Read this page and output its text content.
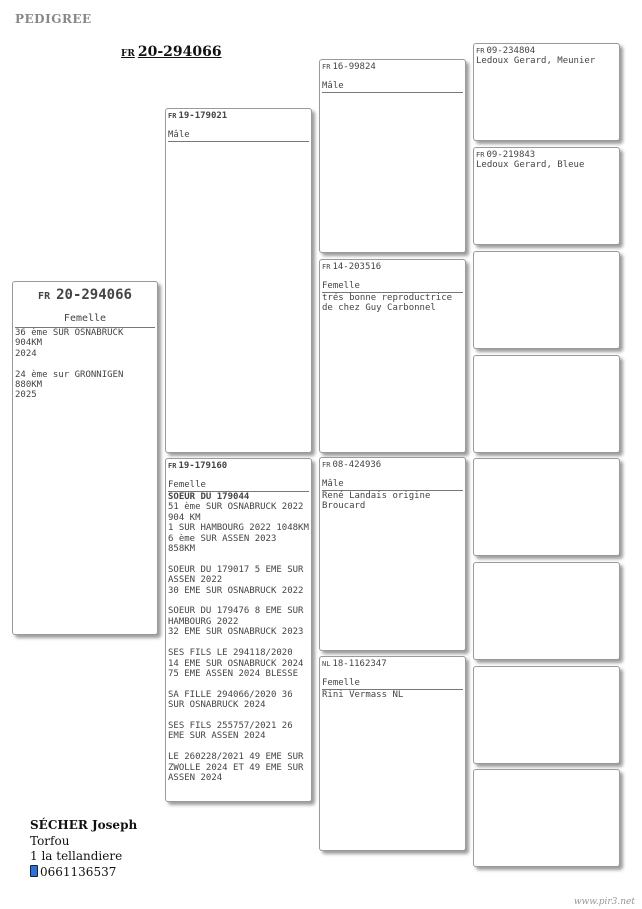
PEDIGREE
FR 20-294066
FR 20-294066
Femelle
36 ème SUR OSNABRUCK 904KM
2024

24 ème sur GRONNIGEN 880KM
2025
FR 19-179021
Mâle
FR 19-179160
Femelle
SOEUR DU 179044
51 ème SUR OSNABRUCK 2022
904 KM
1 SUR HAMBOURG 2022 1048KM
6 ème SUR ASSEN 2023
858KM

SOEUR DU 179017 5 EME SUR
ASSEN 2022
30 EME SUR OSNABRUCK 2022

SOEUR DU 179476 8 EME SUR
HAMBOURG 2022
32 EME SUR OSNABRUCK 2023

SES FILS LE 294118/2020
14 EME SUR OSNABRUCK 2024
75 EME ASSEN 2024 BLESSE

SA FILLE 294066/2020 36
SUR OSNABRUCK 2024

SES FILS 255757/2021 26
EME SUR ASSEN 2024

LE 260228/2021 49 EME SUR
ZWOLLE 2024 ET 49 EME SUR
ASSEN 2024
FR 16-99824
Mâle
FR 14-203516
Femelle
trés bonne reproductrice
de chez Guy Carbonnel
FR 08-424936
Mâle
René Landais origine
Broucard
NL 18-1162347
Femelle
Rini Vermass NL
FR 09-234804
Ledoux Gerard, Meunier
FR 09-219843
Ledoux Gerard, Bleue
SÉCHER Joseph
Torfou
1 la tellandiere
0661136537
www.pir3.net
